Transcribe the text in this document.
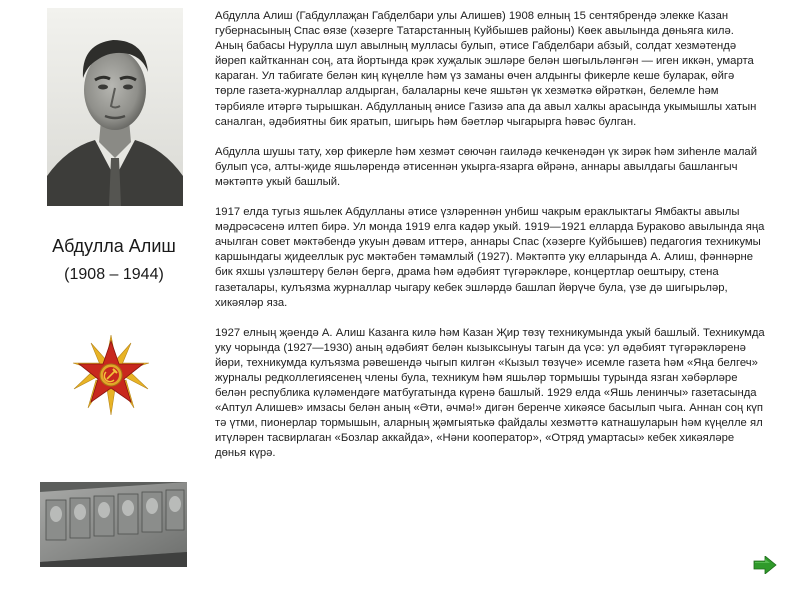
Абдулла Алиш
(1908 – 1944)

Абдулла Алиш (Габдуллаҗан Габделбари улы Алишев) 1908 елның 15 сентябрендә элекке Казан губернасының Спас өязе (хәзерге Татарстанның Куйбышев районы) Көек авылында дөньяга килә. Аның бабасы Нурулла шул авылның мулласы булып, әтисе Габделбари абзый, солдат хезмәтендә йөреп кайтканнан соң, ата йортында крәк хуҗалык эшләре белән шөгыльләнгән — иген иккән, умарта караган. Ул табигате белән киң күңелле һәм үз заманы өчен алдынгы фикерле кеше буларак, өйгә төрле газета-журналлар алдырган, балаларны кече яшьтән үк хезмәткә өйрәткән, белемле һәм тәрбияле итәргә тырышкан. Абдулланың әнисе Газизә апа да авыл халкы арасында укымышлы хатын саналган, әдәбиятны бик яратып, шигырь һәм бәетләр чыгарырга һәвәс булган.

Абдулла шушы тату, хөр фикерле һәм хезмәт сөючән гаиләдә кечкенәдән үк зирәк һәм зиһенле малай булып үсә, алты-җиде яшьләрендә әтисеннән укырга-язарга өйрәнә, аннары авылдагы башлангыч мәктәптә укый башлый.

1917 елда тугыз яшьлек Абдулланы әтисе үзләреннән унбиш чакрым ераклыктагы Ямбакты авылы мәдрәсәсенә илтеп бирә. Ул монда 1919 елга кадәр укый. 1919—1921 елларда Бураково авылында яңа ачылган совет мәктәбендә укуын дәвам иттерә, аннары Спас (хәзерге Куйбышев) педагогия техникумы каршындагы җидееллык рус мәктәбен тәмамлый (1927). Мәктәптә уку елларында А. Алиш, фәннәрне бик яхшы үзләштерү белән бергә, драма һәм әдәбият түгәрәкләре, концертлар оештыру, стена газеталары, кулъязма журналлар чыгару кебек эшләрдә башлап йөрүче була, үзе дә шигырьләр, хикәяләр яза.

1927 елның җәендә А. Алиш Казанга килә һәм Казан Җир төзү техникумында укый башлый. Техникумда уку чорында (1927—1930) аның әдәбият белән кызыксынуы тагын да үсә: ул әдәбият түгәрәкләренә йөри, техникумда кулъязма рәвешендә чыгып килгән «Кызыл төзүче» исемле газета һәм «Яңа белгеч» журналы редколлегиясенең члены була, техникум һәм яшьләр тормышы турында язган хәбәрләре белән республика күләмендәге матбугатында күренә башлый. 1929 елда «Яшь ленинчы» газетасында «Аптул Алишев» имзасы белән аның «Әти, әчмә!» дигән беренче хикәясе басылып чыга. Аннан соң күп тә үтми, пионерлар тормышын, аларның җәмгыятькә файдалы хезмәттә катнашуларын һәм күңелле ял итүләрен тасвирлаган «Бозлар аккайда», «Нәни кооператор», «Отряд умартасы» кебек хикәяләре дөнья күрә.
